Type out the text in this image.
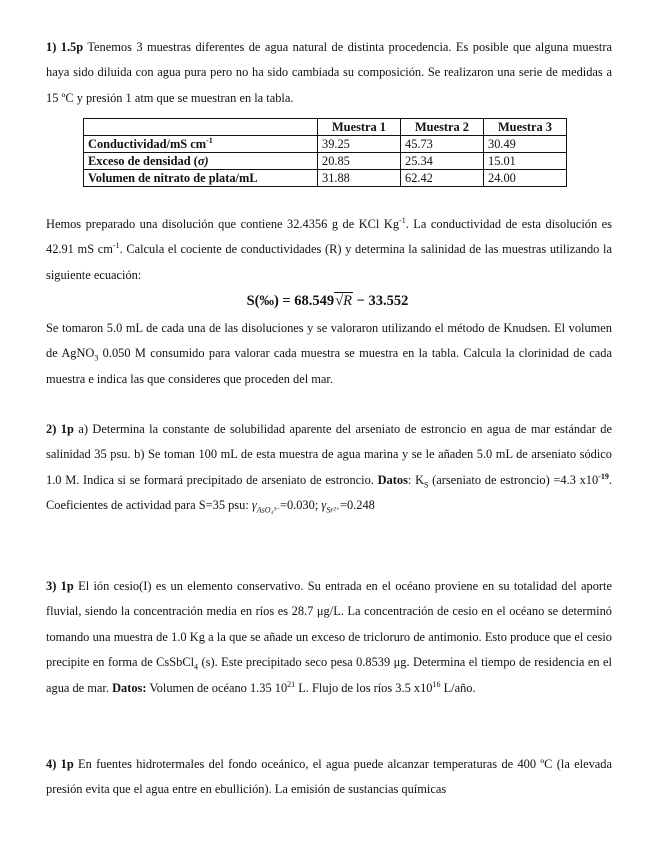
1) 1.5p Tenemos 3 muestras diferentes de agua natural de distinta procedencia. Es posible que alguna muestra haya sido diluida con agua pura pero no ha sido cambiada su composición. Se realizaron una serie de medidas a 15 ºC y presión 1 atm que se muestran en la tabla.
	Muestra 1	Muestra 2	Muestra 3
Conductividad/mS $cm^{-1}$	39.25	45.73	30.49
Exceso de densidad (σ)	20.85	25.34	15.01
Volumen de nitrato de plata/mL	31.88	62.42	24.00
Hemos preparado una disolución que contiene 32.4356 g de KCl $Kg^{-1}$. La conductividad de esta disolución es 42.91 mS $cm^{-1}$. Calcula el cociente de conductividades (R) y determina la salinidad de las muestras utilizando la siguiente ecuación:
S(‰) = 68.549√R − 33.552
Se tomaron 5.0 mL de cada una de las disoluciones y se valoraron utilizando el método de Knudsen. El volumen de AgNO$_3$ 0.050 M consumido para valorar cada muestra se muestra en la tabla. Calcula la clorinidad de cada muestra e indica las que consideres que proceden del mar.
2) 1p a) Determina la constante de solubilidad aparente del arseniato de estroncio en agua de mar estándar de salinidad 35 psu. b) Se toman 100 mL de esta muestra de agua marina y se le añaden 5.0 mL de arseniato sódico 1.0 M. Indica si se formará precipitado de arseniato de estroncio. Datos: $K_S$ (arseniato de estroncio) =4.3 $x10^{-19}$. Coeficientes de actividad para S=35 psu: $\gamma_{AsO_4^{3-}}=0.030$; $\gamma_{Sr^{2+}}=0.248$
3) 1p El ión cesio(I) es un elemento conservativo. Su entrada en el océano proviene en su totalidad del aporte fluvial, siendo la concentración media en ríos es 28.7 μg/L. La concentración de cesio en el océano se determinó tomando una muestra de 1.0 Kg a la que se añade un exceso de tricloruro de antimonio. Esto produce que el cesio precipite en forma de CsSbCl$_4$ (s). Este precipitado seco pesa 0.8539 μg. Determina el tiempo de residencia en el agua de mar. Datos: Volumen de océano 1.35 $10^{21}$ L. Flujo de los ríos 3.5 $x10^{16}$ L/año.
4) 1p En fuentes hidrotermales del fondo oceánico, el agua puede alcanzar temperaturas de 400 ºC (la elevada presión evita que el agua entre en ebullición). La emisión de sustancias químicas
